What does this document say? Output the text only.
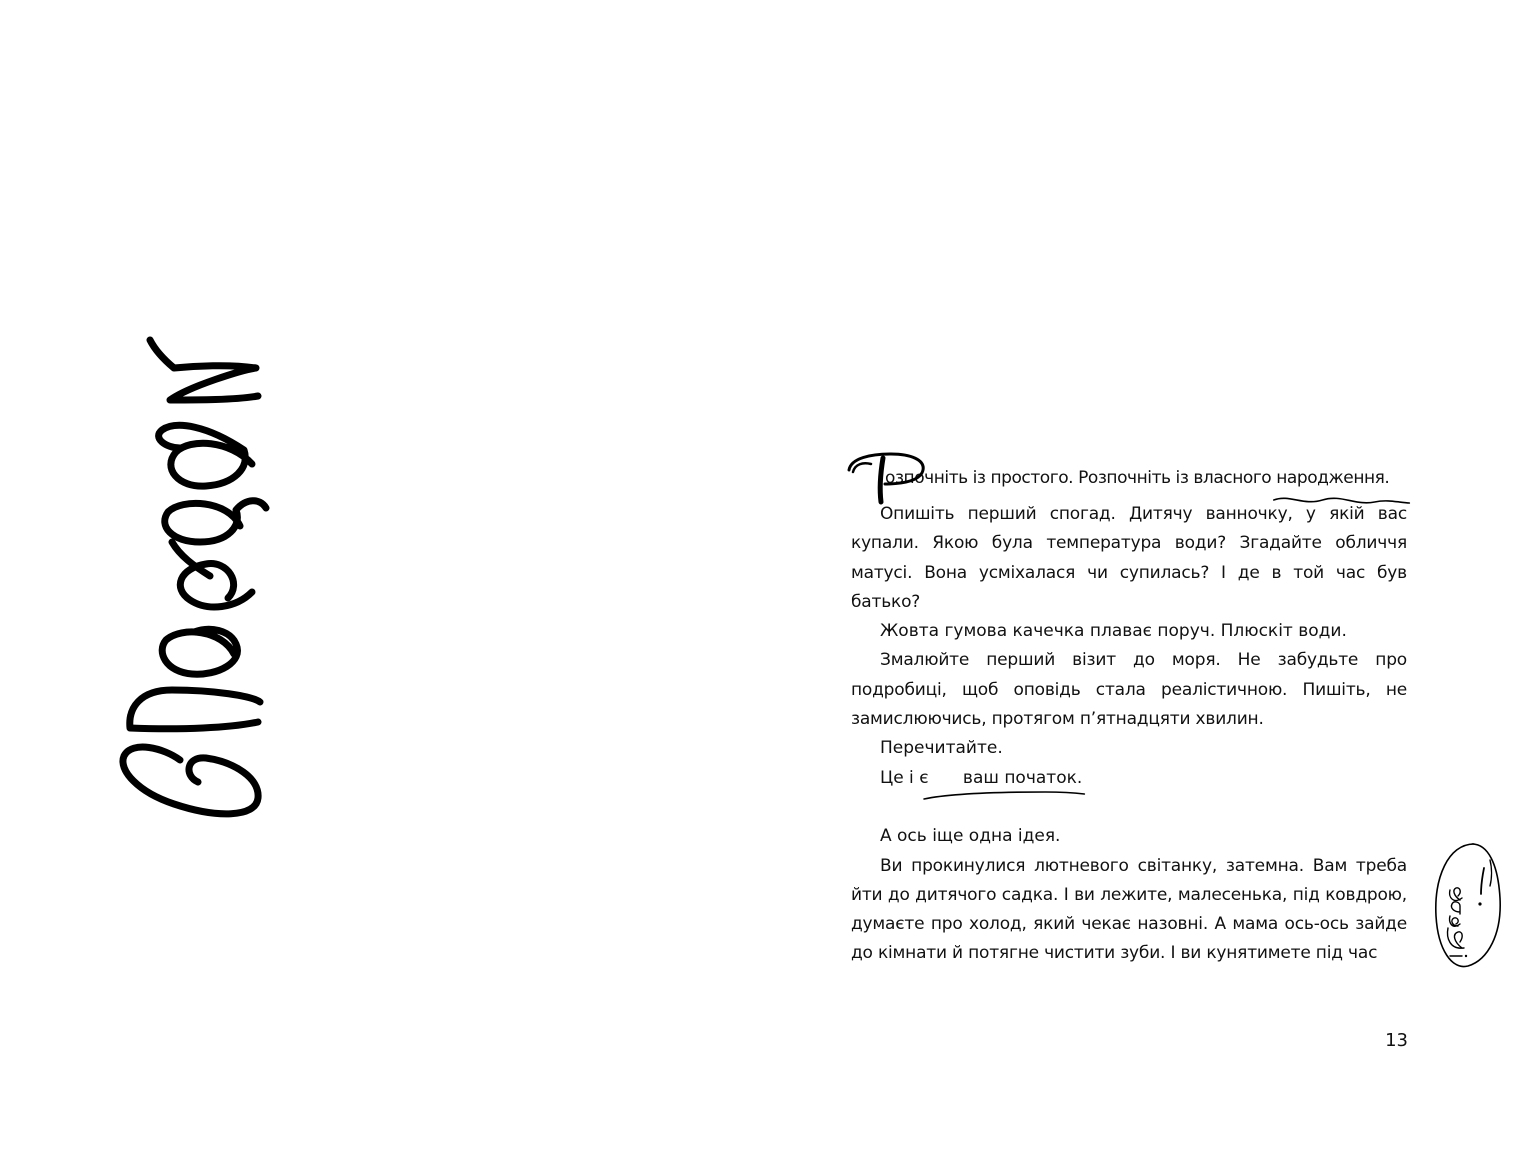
озпочніть із простого. Розпочніть із власного народження.

Опишіть перший спогад. Дитячу ванночку, у якій вас купали. Якою була температура води? Згадайте обличчя матусі. Вона усміхалася чи супилась? І де в той час був батько?

Жовта гумова качечка плаває поруч. Плюскіт води.

Змалюйте перший візит до моря. Не забудьте про подробиці, щоб оповідь стала реалістичною. Пишіть, не замислюючись, протягом п’ятнадцяти хвилин.

Перечитайте.

Це і є ваш початок.

А ось іще одна ідея.

Ви прокинулися лютневого світанку, затемна. Вам треба йти до дитячого садка. І ви лежите, малесенька, під ковдрою, думаєте про холод, який чекає назовні. А мама ось-ось зайде до кімнати й потягне чистити зуби. І ви кунятимете під час

13
